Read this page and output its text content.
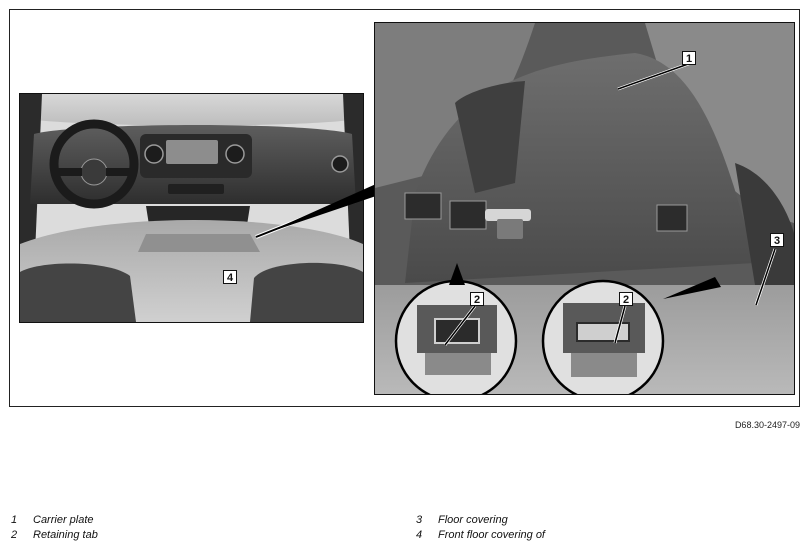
1
3
4
2	2
D68.30-2497-09
1 Carrier plate
2 Retaining tab
3 Floor covering
4 Front floor covering of
